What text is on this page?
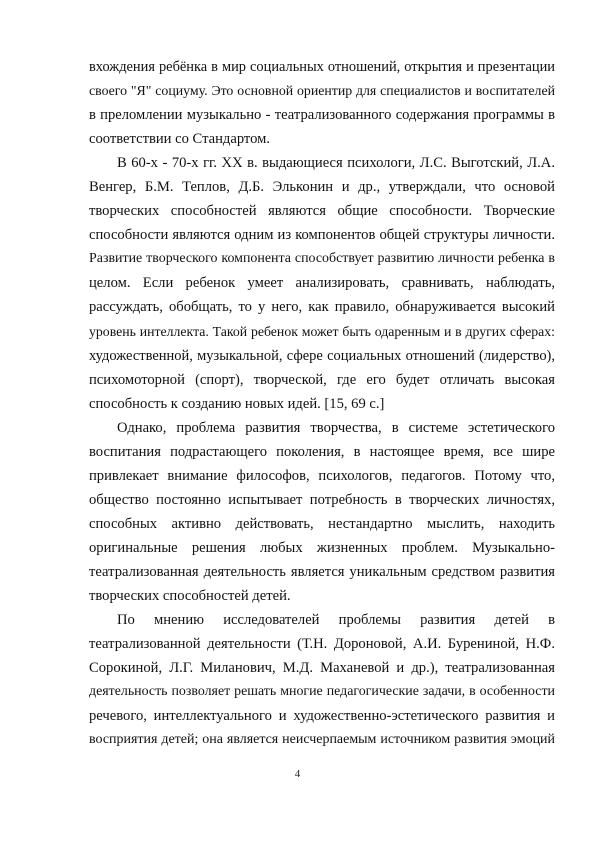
вхождения ребёнка в мир социальных отношений, открытия и презентации
своего "Я" социуму. Это основной ориентир для специалистов и воспитателей
в преломлении музыкально - театрализованного содержания программы в
соответствии со Стандартом.
В 60-х - 70-х гг. XX в. выдающиеся психологи, Л.С. Выготский, Л.А.
Венгер, Б.М. Теплов, Д.Б. Эльконин и др., утверждали, что основой
творческих способностей являются общие способности. Творческие
способности являются одним из компонентов общей структуры личности.
Развитие творческого компонента способствует развитию личности ребенка в
целом. Если ребенок умеет анализировать, сравнивать, наблюдать,
рассуждать, обобщать, то у него, как правило, обнаруживается высокий
уровень интеллекта. Такой ребенок может быть одаренным и в других сферах:
художественной, музыкальной, сфере социальных отношений (лидерство),
психомоторной (спорт), творческой, где его будет отличать высокая
способность к созданию новых идей. [15, 69 с.]
Однако, проблема развития творчества, в системе эстетического
воспитания подрастающего поколения, в настоящее время, все шире
привлекает внимание философов, психологов, педагогов. Потому что,
общество постоянно испытывает потребность в творческих личностях,
способных активно действовать, нестандартно мыслить, находить
оригинальные решения любых жизненных проблем. Музыкально-
театрализованная деятельность является уникальным средством развития
творческих способностей детей.
По мнению исследователей проблемы развития детей в
театрализованной деятельности (Т.Н. Дороновой, А.И. Бурениной, Н.Ф.
Сорокиной, Л.Г. Миланович, М.Д. Маханевой и др.), театрализованная
деятельность позволяет решать многие педагогические задачи, в особенности
речевого, интеллектуального и художественно-эстетического развития и
восприятия детей; она является неисчерпаемым источником развития эмоций
4
